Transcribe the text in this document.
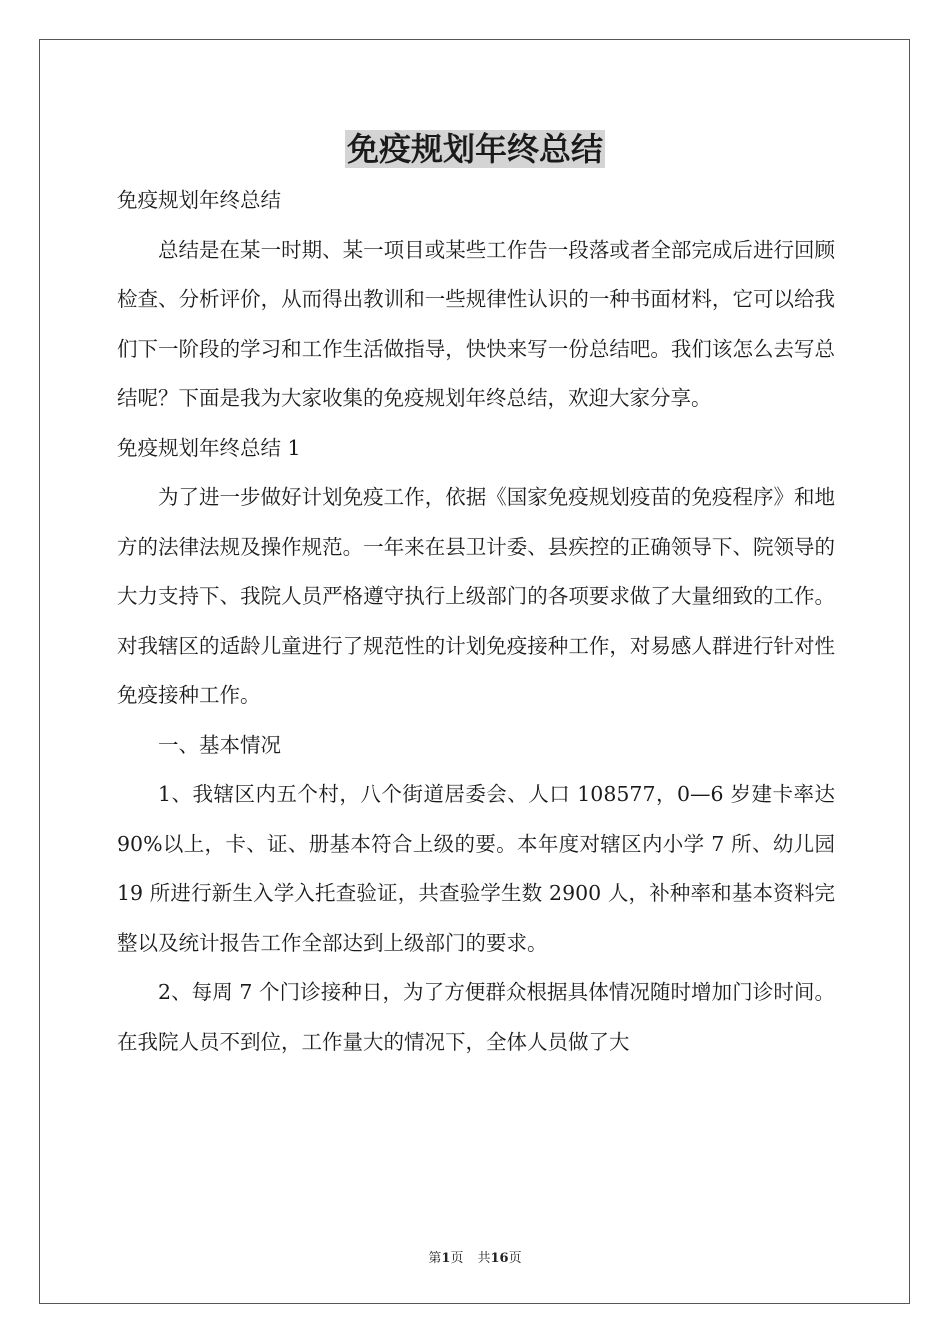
免疫规划年终总结

免疫规划年终总结

总结是在某一时期、某一项目或某些工作告一段落或者全部完成后进行回顾检查、分析评价，从而得出教训和一些规律性认识的一种书面材料，它可以给我们下一阶段的学习和工作生活做指导，快快来写一份总结吧。我们该怎么去写总结呢？下面是我为大家收集的免疫规划年终总结，欢迎大家分享。

免疫规划年终总结 1

为了进一步做好计划免疫工作，依据《国家免疫规划疫苗的免疫程序》和地方的法律法规及操作规范。一年来在县卫计委、县疾控的正确领导下、院领导的大力支持下、我院人员严格遵守执行上级部门的各项要求做了大量细致的工作。对我辖区的适龄儿童进行了规范性的计划免疫接种工作，对易感人群进行针对性免疫接种工作。

一、基本情况

1、我辖区内五个村，八个街道居委会、人口 108577，0—6 岁建卡率达 90%以上，卡、证、册基本符合上级的要。本年度对辖区内小学 7 所、幼儿园 19 所进行新生入学入托查验证，共查验学生数 2900 人，补种率和基本资料完整以及统计报告工作全部达到上级部门的要求。

2、每周 7 个门诊接种日，为了方便群众根据具体情况随时增加门诊时间。在我院人员不到位，工作量大的情况下，全体人员做了大

第1页 共16页
